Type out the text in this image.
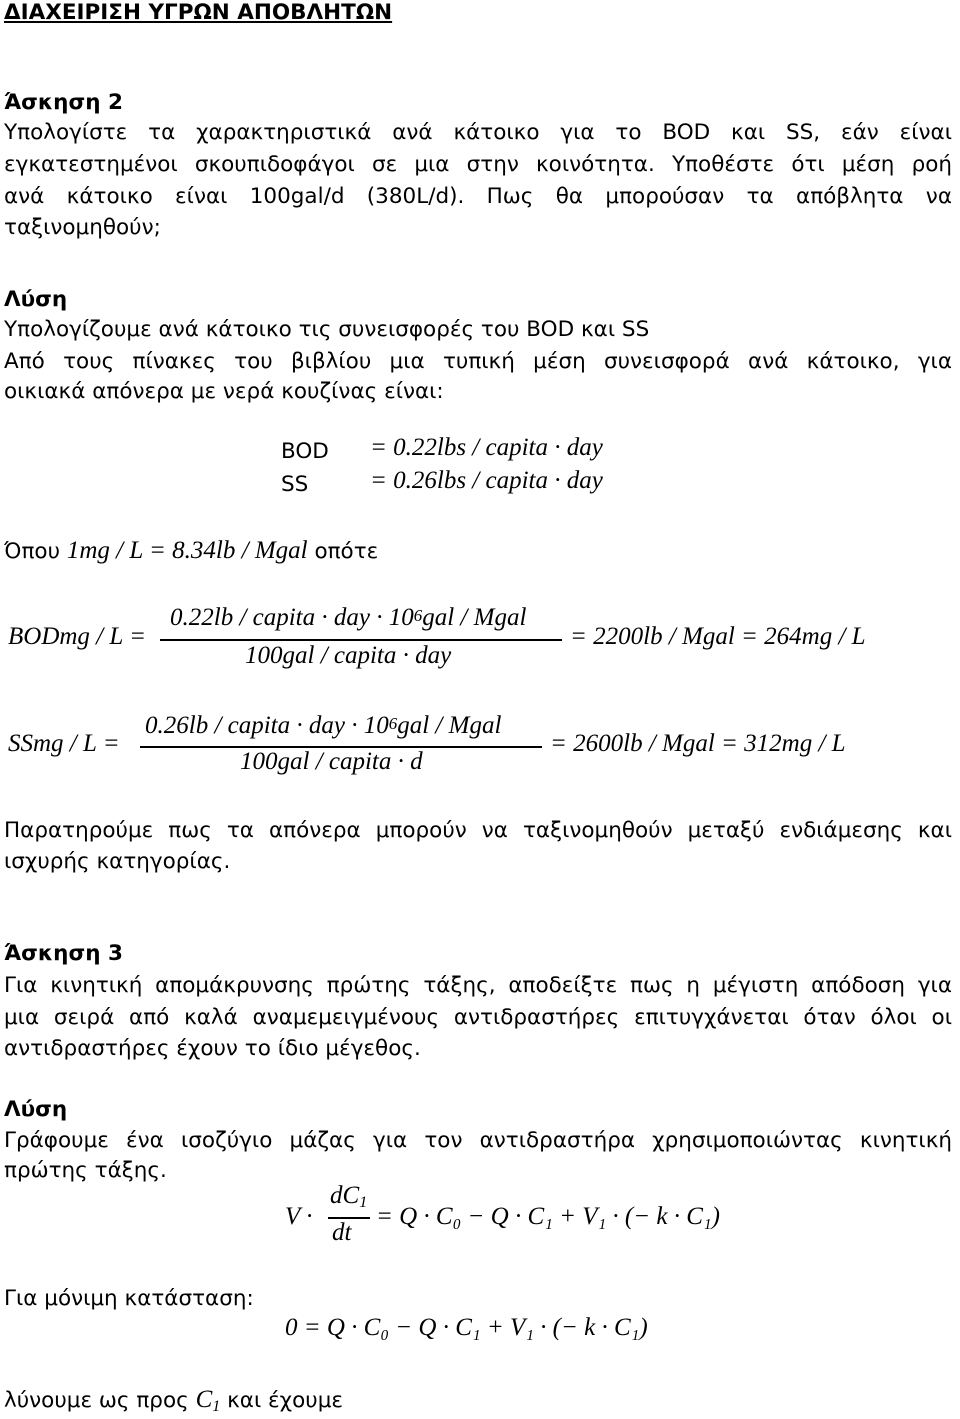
ΔΙΑΧΕΙΡΙΣΗ ΥΓΡΩΝ ΑΠΟΒΛΗΤΩΝ
Άσκηση 2
Υπολογίστε τα χαρακτηριστικά ανά κάτοικο για το BOD και SS, εάν είναι
εγκατεστημένοι σκουπιδοφάγοι σε μια στην κοινότητα. Υποθέστε ότι μέση ροή
ανά κάτοικο είναι 100gal/d (380L/d). Πως θα μπορούσαν τα απόβλητα να
ταξινομηθούν;
Λύση
Υπολογίζουμε ανά κάτοικο τις συνεισφορές του BOD και SS
Από τους πίνακες του βιβλίου μια τυπική μέση συνεισφορά ανά κάτοικο, για
οικιακά απόνερα με νερά κουζίνας είναι:
BOD = 0.22lbs / capita · day
SS = 0.26lbs / capita · day
Όπου 1mg / L = 8.34lb / Mgal οπότε
BODmg / L =
0.22lb / capita · day · $10^6gal$ / Mgal
100gal / capita · day
= 2200lb / Mgal = 264mg / L
SSmg / L =
0.26lb / capita · day · $10^6gal$ / Mgal
100gal / capita · d
= 2600lb / Mgal = 312mg / L
Παρατηρούμε πως τα απόνερα μπορούν να ταξινομηθούν μεταξύ ενδιάμεσης και
ισχυρής κατηγορίας.
Άσκηση 3
Για κινητική απομάκρυνσης πρώτης τάξης, αποδείξτε πως η μέγιστη απόδοση για
μια σειρά από καλά αναμεμειγμένους αντιδραστήρες επιτυγχάνεται όταν όλοι οι
αντιδραστήρες έχουν το ίδιο μέγεθος.
Λύση
Γράφουμε ένα ισοζύγιο μάζας για τον αντιδραστήρα χρησιμοποιώντας κινητική
πρώτης τάξης.
V ·
$dC_1$
dt
= Q · C₀ − Q · C₁ + V₁ · (− k · C₁)
Για μόνιμη κατάσταση:
0 = Q · C₀ − Q · C₁ + V₁ · (− k · C₁)
λύνουμε ως προς $C_1$ και έχουμε
